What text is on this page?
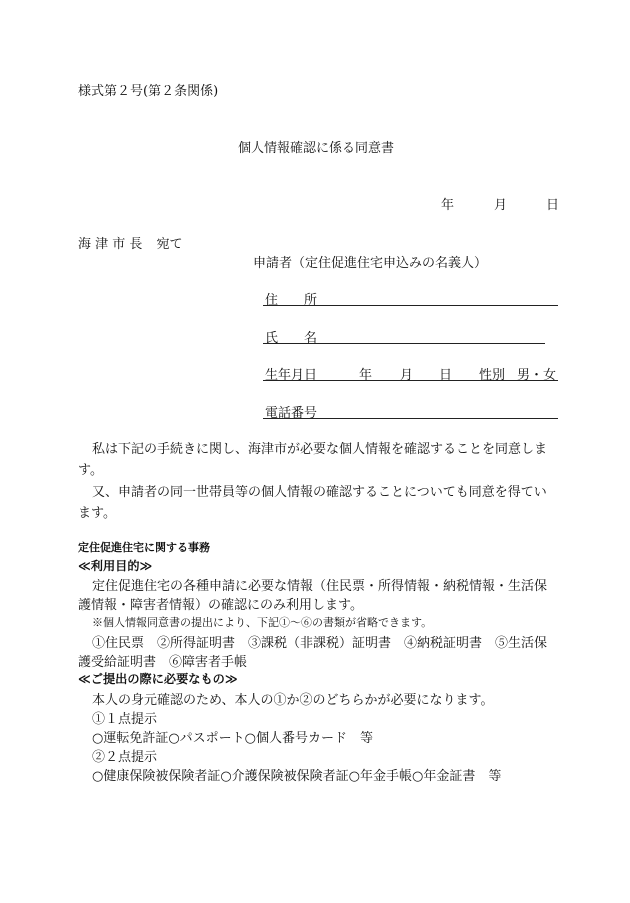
様式第２号(第２条関係)
個人情報確認に係る同意書
年	月	日
海 津 市 長 宛て
申請者（定住促進住宅申込みの名義人）
住　　所
氏　　名
生年月日	年 月 日 性別 男・女
電話番号
私は下記の手続きに関し、海津市が必要な個人情報を確認することを同意しま
す。
又、申請者の同一世帯員等の個人情報の確認することについても同意を得てい
ます。
定住促進住宅に関する事務
≪利用目的≫
定住促進住宅の各種申請に必要な情報（住民票・所得情報・納税情報・生活保
護情報・障害者情報）の確認にのみ利用します。
※個人情報同意書の提出により、下記①～⑥の書類が省略できます。
①住民票　②所得証明書　③課税（非課税）証明書　④納税証明書　⑤生活保
護受給証明書　⑥障害者手帳
≪ご提出の際に必要なもの≫
本人の身元確認のため、本人の①か②のどちらかが必要になります。
①１点提示
○運転免許証○パスポート○個人番号カード　等
②２点提示
○健康保険被保険者証○介護保険被保険者証○年金手帳○年金証書　等
